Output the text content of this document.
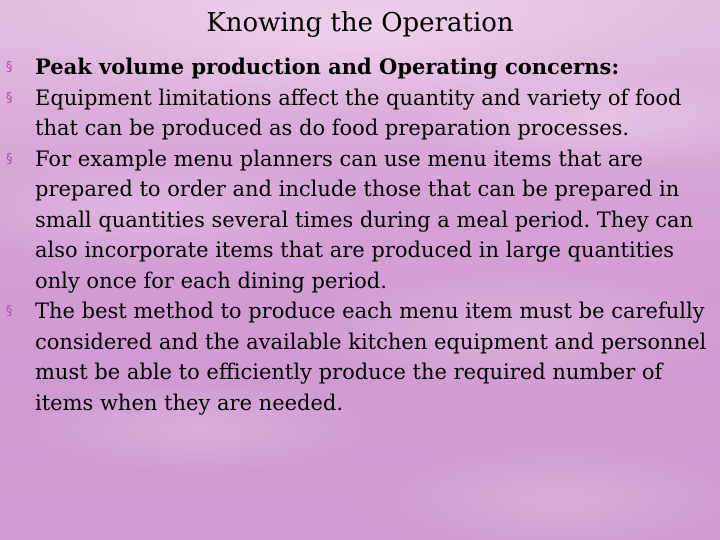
Knowing the Operation
§ Peak volume production and Operating concerns:
§ Equipment limitations affect the quantity and variety of food that can be produced as do food preparation processes.
§ For example menu planners can use menu items that are prepared to order and include those that can be prepared in small quantities several times during a meal period. They can also incorporate items that are produced in large quantities only once for each dining period.
§ The best method to produce each menu item must be carefully considered and the available kitchen equipment and personnel must be able to efficiently produce the required number of items when they are needed.
